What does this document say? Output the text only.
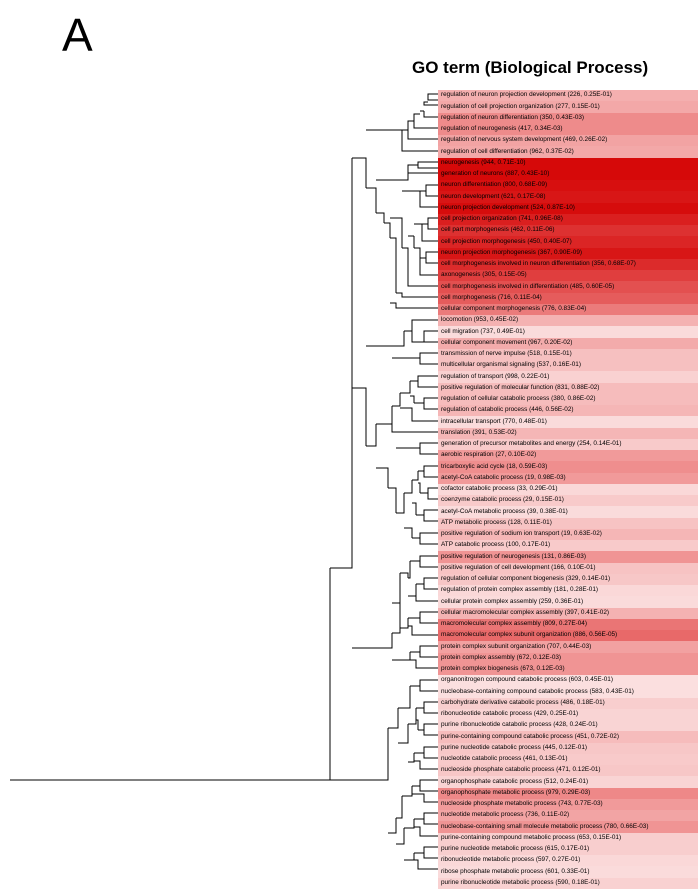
A
GO term (Biological Process)
regulation of neuron projection development (226, 0.25E-01)
regulation of cell projection organization (277, 0.15E-01)
regulation of neuron differentiation (350, 0.43E-03)
regulation of neurogenesis (417, 0.34E-03)
regulation of nervous system development (469, 0.26E-02)
regulation of cell differentiation (962, 0.37E-02)
neurogenesis (944, 0.71E-10)
generation of neurons (887, 0.43E-10)
neuron differentiation (800, 0.68E-09)
neuron development (621, 0.17E-08)
neuron projection development (524, 0.87E-10)
cell projection organization (741, 0.96E-08)
cell part morphogenesis (462, 0.11E-06)
cell projection morphogenesis (450, 0.40E-07)
neuron projection morphogenesis (367, 0.90E-09)
cell morphogenesis involved in neuron differentiation (356, 0.68E-07)
axonogenesis (305, 0.15E-05)
cell morphogenesis involved in differentiation (485, 0.60E-05)
cell morphogenesis (716, 0.11E-04)
cellular component morphogenesis (776, 0.83E-04)
locomotion (953, 0.45E-02)
cell migration (737, 0.49E-01)
cellular component movement (967, 0.20E-02)
transmission of nerve impulse (518, 0.15E-01)
multicellular organismal signaling (537, 0.16E-01)
regulation of transport (998, 0.22E-01)
positive regulation of molecular function (831, 0.88E-02)
regulation of cellular catabolic process (380, 0.86E-02)
regulation of catabolic process (446, 0.56E-02)
intracellular transport (770, 0.48E-01)
translation (391, 0.53E-02)
generation of precursor metabolites and energy (254, 0.14E-01)
aerobic respiration (27, 0.10E-02)
tricarboxylic acid cycle (18, 0.59E-03)
acetyl-CoA catabolic process (19, 0.98E-03)
cofactor catabolic process (33, 0.29E-01)
coenzyme catabolic process (29, 0.15E-01)
acetyl-CoA metabolic process (39, 0.38E-01)
ATP metabolic process (128, 0.11E-01)
positive regulation of sodium ion transport (19, 0.63E-02)
ATP catabolic process (100, 0.17E-01)
positive regulation of neurogenesis (131, 0.86E-03)
positive regulation of cell development (166, 0.10E-01)
regulation of cellular component biogenesis (329, 0.14E-01)
regulation of protein complex assembly (181, 0.28E-01)
cellular protein complex assembly (259, 0.36E-01)
cellular macromolecular complex assembly (397, 0.41E-02)
macromolecular complex assembly (809, 0.27E-04)
macromolecular complex subunit organization (886, 0.56E-05)
protein complex subunit organization (707, 0.44E-03)
protein complex assembly (672, 0.12E-03)
protein complex biogenesis (673, 0.12E-03)
organonitrogen compound catabolic process (603, 0.45E-01)
nucleobase-containing compound catabolic process (583, 0.43E-01)
carbohydrate derivative catabolic process (486, 0.18E-01)
ribonucleotide catabolic process (429, 0.25E-01)
purine ribonucleotide catabolic process (428, 0.24E-01)
purine-containing compound catabolic process (451, 0.72E-02)
purine nucleotide catabolic process (445, 0.12E-01)
nucleotide catabolic process (461, 0.13E-01)
nucleoside phosphate catabolic process (471, 0.12E-01)
organophosphate catabolic process (512, 0.24E-01)
organophosphate metabolic process (979, 0.29E-03)
nucleoside phosphate metabolic process (743, 0.77E-03)
nucleotide metabolic process (736, 0.11E-02)
nucleobase-containing small molecule metabolic process (780, 0.66E-03)
purine-containing compound metabolic process (653, 0.15E-01)
purine nucleotide metabolic process (615, 0.17E-01)
ribonucleotide metabolic process (597, 0.27E-01)
ribose phosphate metabolic process (601, 0.33E-01)
purine ribonucleotide metabolic process (590, 0.18E-01)
